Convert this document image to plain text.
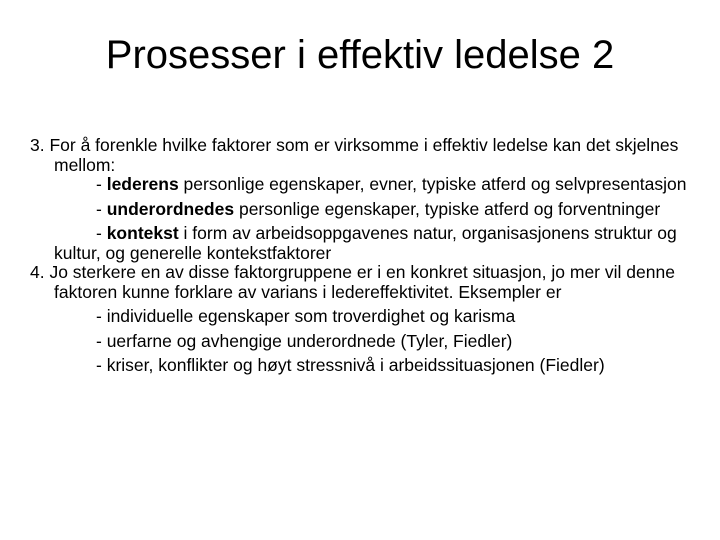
Prosesser i effektiv ledelse 2

3. For å forenkle hvilke faktorer som er virksomme i effektiv ledelse kan det skjelnes mellom:

- lederens personlige egenskaper, evner, typiske atferd og selvpresentasjon

- underordnedes personlige egenskaper, typiske atferd og forventninger

- kontekst i form av arbeidsoppgavenes natur, organisasjonens struktur og kultur, og generelle kontekstfaktorer

4. Jo sterkere en av disse faktorgruppene er i en konkret situasjon, jo mer vil denne faktoren kunne forklare av varians i ledereffektivitet. Eksempler er

- individuelle egenskaper som troverdighet og karisma

- uerfarne og avhengige underordnede (Tyler, Fiedler)

- kriser, konflikter og høyt stressnivå i arbeidssituasjonen (Fiedler)
